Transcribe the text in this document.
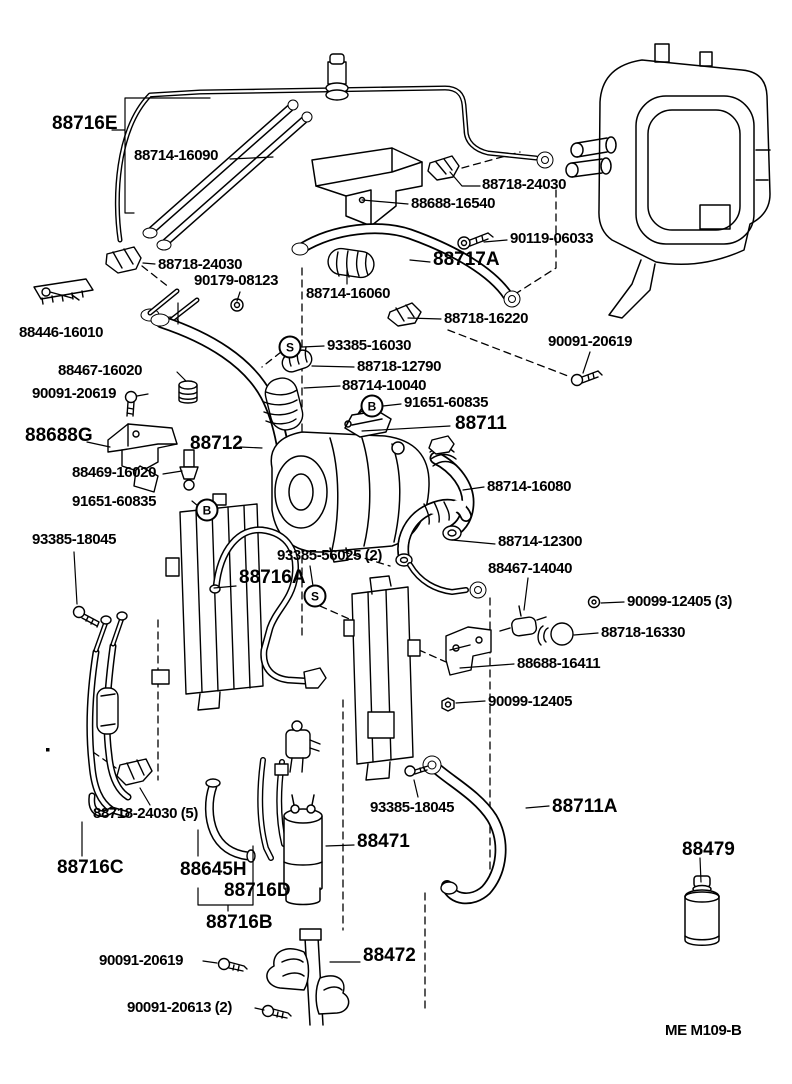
88716E
88714-16090
88718-24030
88688-16540
90119-06033
88717A
88718-24030
90179-08123
88714-16060
88718-16220
88446-16010
93385-16030	90091-20619
88467-16020	88718-12790
88714-10040
90091-20619
91651-60835
88688G
88711
88712
88469-16020
88714-16080
91651-60835
88714-12300
93385-18045
93385-56025 (2)
88467-14040
88716A
90099-12405 (3)
88718-16330
88688-16411
90099-12405
88718-24030 (5)	93385-18045	88711A
88716C	88645H
88471
88716D
88716B
88479
90091-20619	88472
90091-20613 (2)
ME M109-B
S
B
B
S
